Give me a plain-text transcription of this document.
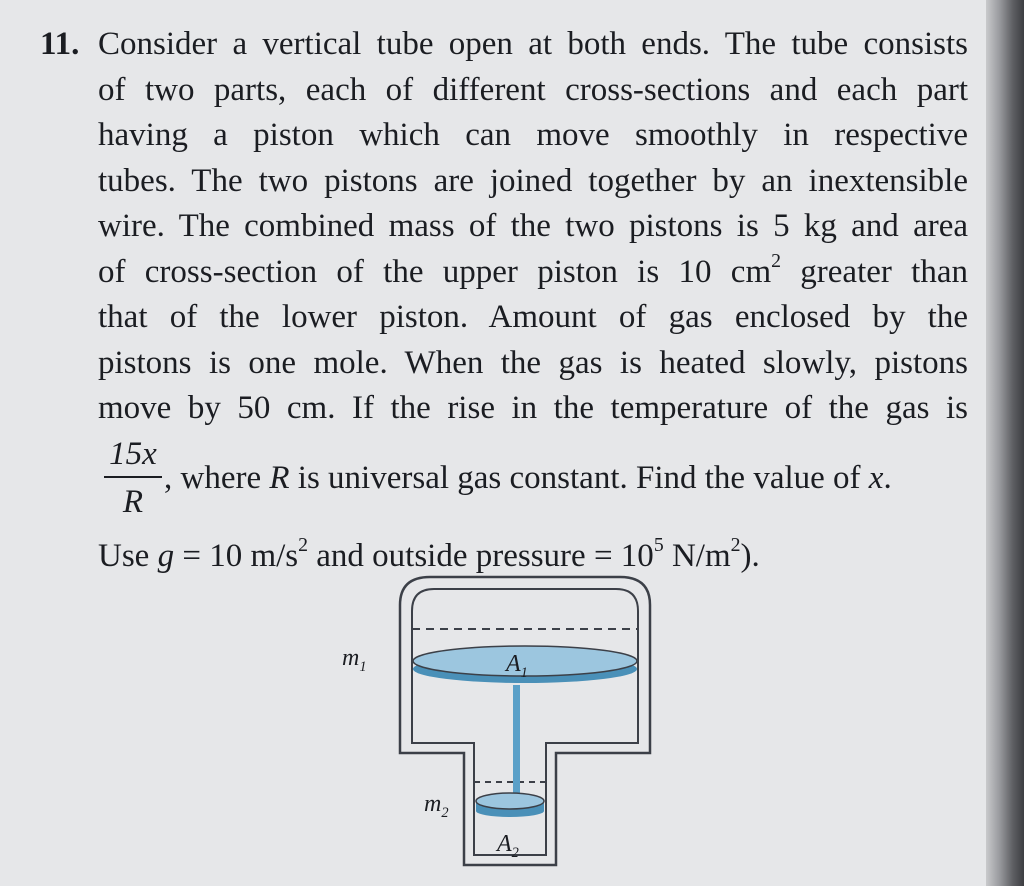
11. Consider a vertical tube open at both ends. The tube consists
of two parts, each of different cross-sections and each part
having a piston which can move smoothly in respective
tubes. The two pistons are joined together by an inextensible
wire. The combined mass of the two pistons is 5 kg and area
of cross-section of the upper piston is 10 $cm^2$ greater than
that of the lower piston. Amount of gas enclosed by the
pistons is one mole. When the gas is heated slowly, pistons
move by 50 cm. If the rise in the temperature of the gas is
15x
R
, where R is universal gas constant. Find the value of x.
Use g = 10 $m/s^2$ and outside pressure = $10^5$ $N/m^2$).
$m_1$	$A_1$
$m_2$
$A_2$
